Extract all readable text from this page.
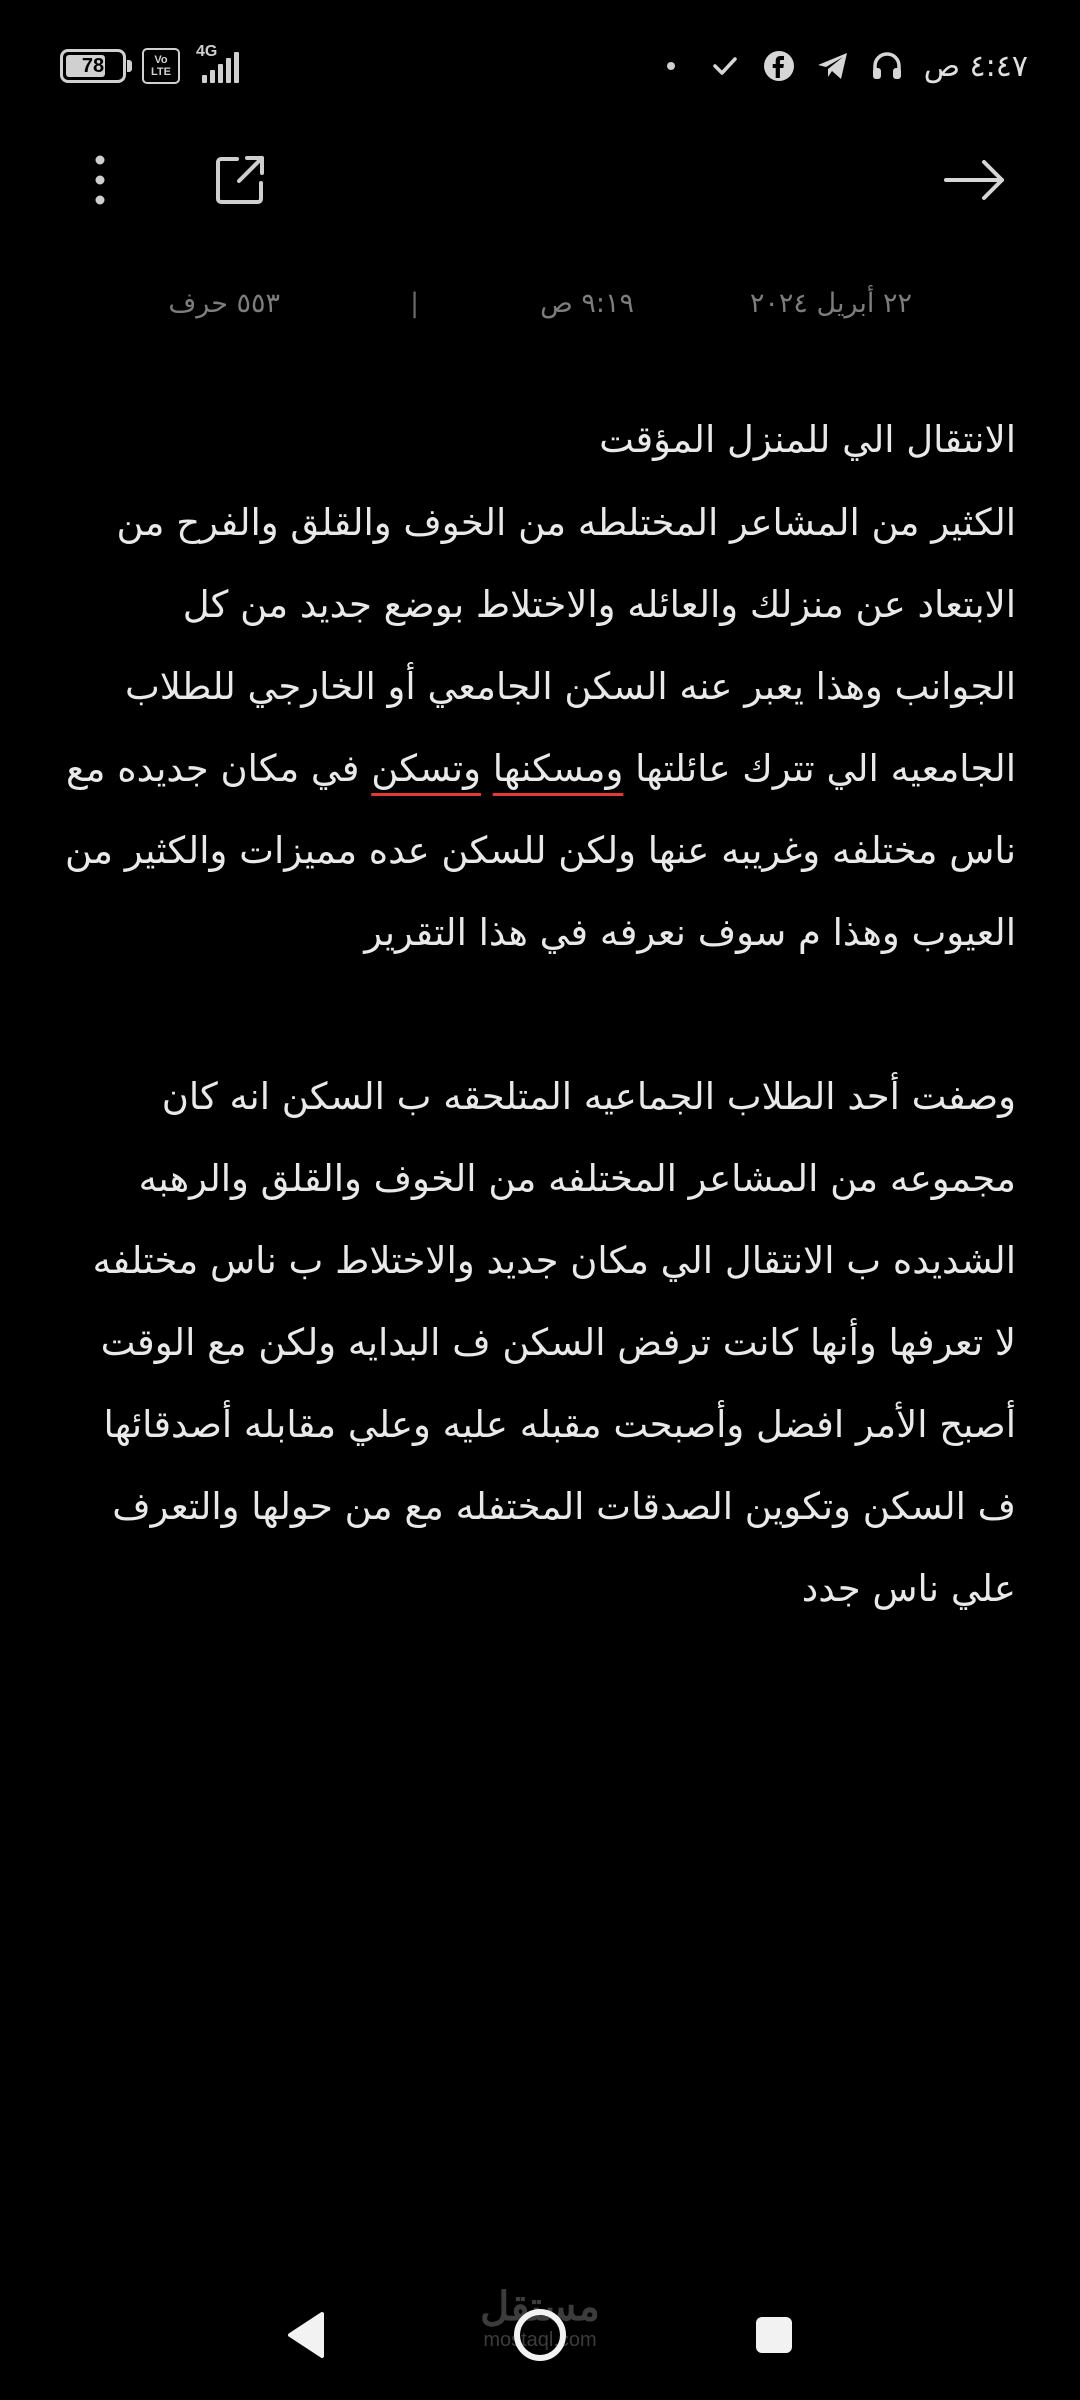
78	Vo
LTE
4G	٤:٤٧ ص
٢٢ أبريل ٢٠٢٤
٩:١٩ ص
|
٥٥٣ حرف
الانتقال الي للمنزل المؤقت

الكثير من المشاعر المختلطه من الخوف والقلق والفرح من
الابتعاد عن منزلك والعائله والاختلاط بوضع جديد من كل
الجوانب وهذا يعبر عنه السكن الجامعي أو الخارجي للطلاب
الجامعيه الي تترك عائلتها ومسكنها وتسكن في مكان جديده مع
ناس مختلفه وغريبه عنها ولكن للسكن عده مميزات والكثير من
العيوب وهذا م سوف نعرفه في هذا التقرير

وصفت أحد الطلاب الجماعيه المتلحقه ب السكن انه كان
مجموعه من المشاعر المختلفه من الخوف والقلق والرهبه
الشديده ب الانتقال الي مكان جديد والاختلاط ب ناس مختلفه
لا تعرفها وأنها كانت ترفض السكن ف البدايه ولكن مع الوقت
أصبح الأمر افضل وأصبحت مقبله عليه وعلي مقابله أصدقائها
ف السكن وتكوين الصدقات المختفله مع من حولها والتعرف
علي ناس جدد

مستقل
mostaql.com
